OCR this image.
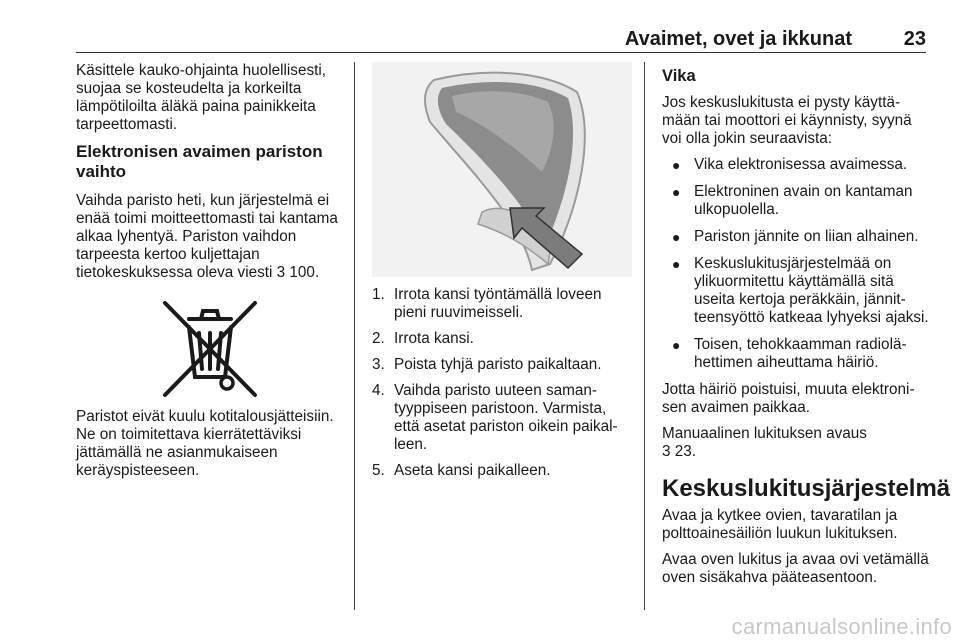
Avaimet, ovet ja ikkunat	23

Käsittele kauko-ohjainta huolellisesti, suojaa se kosteudelta ja korkeilta lämpötiloilta äläkä paina painikkeita tarpeettomasti.

Elektronisen avaimen pariston vaihto

Vaihda paristo heti, kun järjestelmä ei enää toimi moitteettomasti tai kantama alkaa lyhentyä. Pariston vaihdon tarpeesta kertoo kuljettajan tietokeskuksessa oleva viesti 3 100.

Paristot eivät kuulu kotitalousjätteisiin. Ne on toimitettava kierrätettäviksi jättämällä ne asianmukaiseen keräyspisteeseen.

1. Irrota kansi työntämällä loveen pieni ruuvimeisseli.
2. Irrota kansi.
3. Poista tyhjä paristo paikaltaan.
4. Vaihda paristo uuteen samantyyppiseen paristoon. Varmista, että asetat pariston oikein paikalleen.
5. Aseta kansi paikalleen.
Vika

Jos keskuslukitusta ei pysty käyttämään tai moottori ei käynnisty, syynä voi olla jokin seuraavista:

● Vika elektronisessa avaimessa.
● Elektroninen avain on kantaman ulkopuolella.
● Pariston jännite on liian alhainen.
● Keskuslukitusjärjestelmää on ylikuormitettu käyttämällä sitä useita kertoja peräkkäin, jännitteensyöttö katkeaa lyhyeksi ajaksi.
● Toisen, tehokkaamman radiolähettimen aiheuttama häiriö.

Jotta häiriö poistuisi, muuta elektronisen avaimen paikkaa.

Manuaalinen lukituksen avaus
3 23.

Keskuslukitusjärjestelmä

Avaa ja kytkee ovien, tavaratilan ja polttoainesäiliön luukun lukituksen.

Avaa oven lukitus ja avaa ovi vetämällä oven sisäkahva pääteasentoon.

carmanualsonline.info
